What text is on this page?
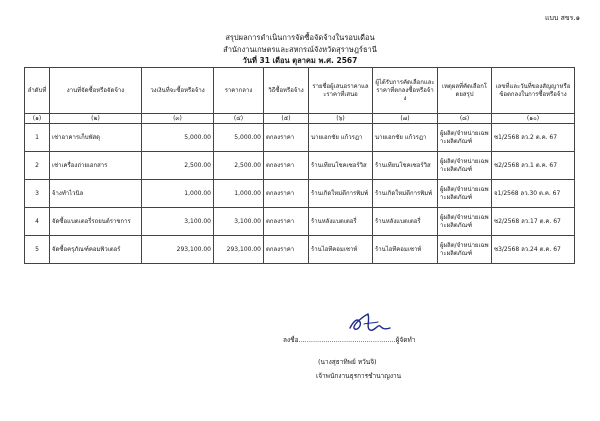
แบบ สขร.๑
สรุปผลการดำเนินการจัดซื้อจัดจ้างในรอบเดือน
สำนักงานเกษตรและสหกรณ์จังหวัดสุราษฎร์ธานี
วันที่ 31 เดือน ตุลาคม พ.ศ. 2567
ลำดับที่	งานที่จัดซื้อหรือจัดจ้าง	วงเงินที่จะซื้อหรือจ้าง	ราคากลาง	วิธีซื้อหรือจ้าง	รายชื่อผู้เสนอราคาและราคาที่เสนอ	ผู้ได้รับการคัดเลือกและราคาที่ตกลงซื้อหรือจ้าง	เหตุผลที่คัดเลือกโดยสรุป	เลขที่และวันที่ของสัญญาหรือข้อตกลงในการซื้อหรือจ้าง
(๑)	(๒)	(๓)	(๔)	(๕)	(๖)	(๗)	(๘)	(๑๐)
1	เช่าอาคารเก็บพัสดุ	5,000.00	5,000.00	ตกลงราคา	นายเอกชัย แก้วรฎา	นายเอกชัย แก้วรฎา	ผู้ผลิต/จำหน่ายเฉพาะผลิตภัณฑ์	ซ1/2568 ลว.2 ต.ค. 67
2	เช่าเครื่องถ่ายเอกสาร	2,500.00	2,500.00	ตกลงราคา	ร้านเทียนโชคเซอร์วิส	ร้านเทียนโชคเซอร์วิส	ผู้ผลิต/จำหน่ายเฉพาะผลิตภัณฑ์	ช2/2568 ลว.1 ต.ค. 67
3	จ้างทำไวนิล	1,000.00	1,000.00	ตกลงราคา	ร้านเกิดใหม่ดีการพิมพ์	ร้านเกิดใหม่ดีการพิมพ์	ผู้ผลิต/จำหน่ายเฉพาะผลิตภัณฑ์	จ1/2568 ลว.30 ต.ค. 67
4	จัดซื้อแบตเตอรี่รถยนต์ราชการ	3,100.00	3,100.00	ตกลงราคา	ร้านหลังแบตเตอรี่	ร้านหลังแบตเตอรี่	ผู้ผลิต/จำหน่ายเฉพาะผลิตภัณฑ์	ซ2/2568 ลว.17 ต.ค. 67
5	จัดซื้อครุภัณฑ์คอมพิวเตอร์	293,100.00	293,100.00	ตกลงราคา	ร้านไอทีคอมเซาท์	ร้านไอทีคอมเซาท์	ผู้ผลิต/จำหน่ายเฉพาะผลิตภัณฑ์	ซ3/2568 ลว.24 ต.ค. 67
ลงชื่อ...............................................ผู้จัดทำ
(นางสุธาทิพย์ หวันจิ)
เจ้าพนักงานธุรการชำนาญงาน
